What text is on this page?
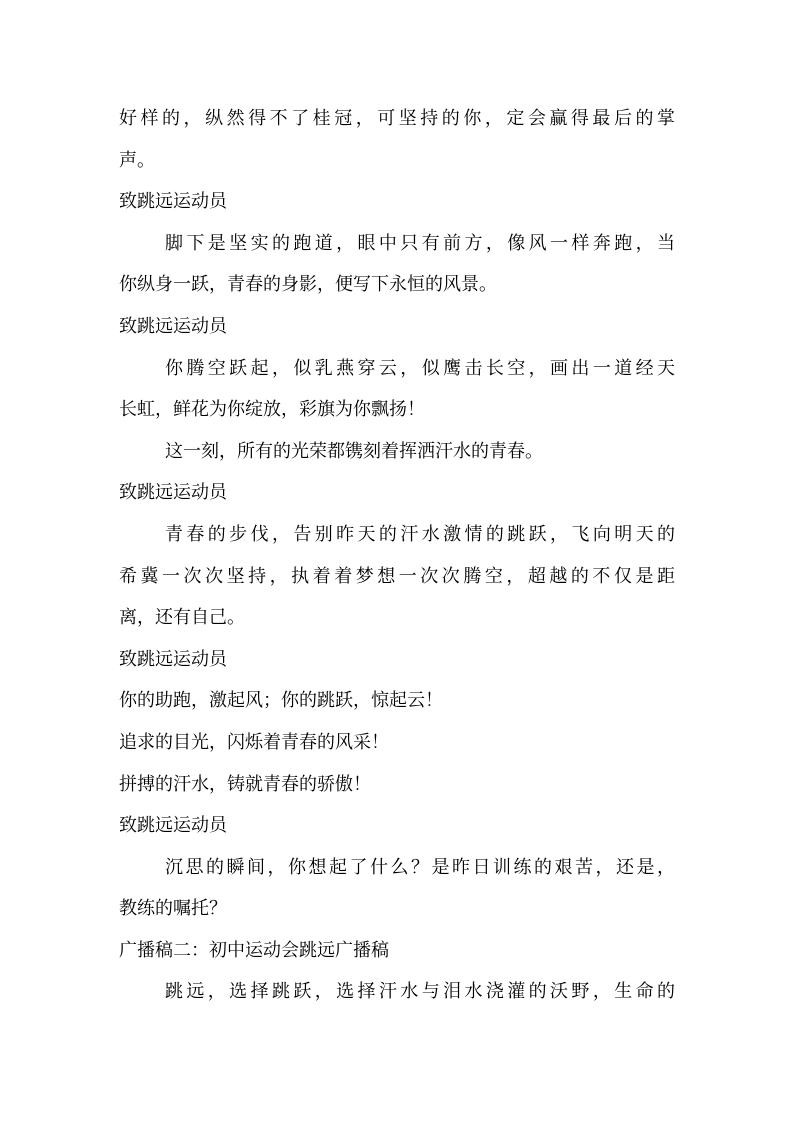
好样的，纵然得不了桂冠，可坚持的你，定会赢得最后的掌

声。

致跳远运动员

脚下是坚实的跑道，眼中只有前方，像风一样奔跑，当

你纵身一跃，青春的身影，便写下永恒的风景。

致跳远运动员

你腾空跃起，似乳燕穿云，似鹰击长空，画出一道经天

长虹，鲜花为你绽放，彩旗为你飘扬！

这一刻，所有的光荣都镌刻着挥洒汗水的青春。

致跳远运动员

青春的步伐，告别昨天的汗水激情的跳跃，飞向明天的

希冀一次次坚持，执着着梦想一次次腾空，超越的不仅是距

离，还有自己。

致跳远运动员

你的助跑，激起风；你的跳跃，惊起云！

追求的目光，闪烁着青春的风采！

拼搏的汗水，铸就青春的骄傲！

致跳远运动员

沉思的瞬间，你想起了什么？是昨日训练的艰苦，还是，

教练的嘱托？

广播稿二：初中运动会跳远广播稿

跳远，选择跳跃，选择汗水与泪水浇灌的沃野，生命的
